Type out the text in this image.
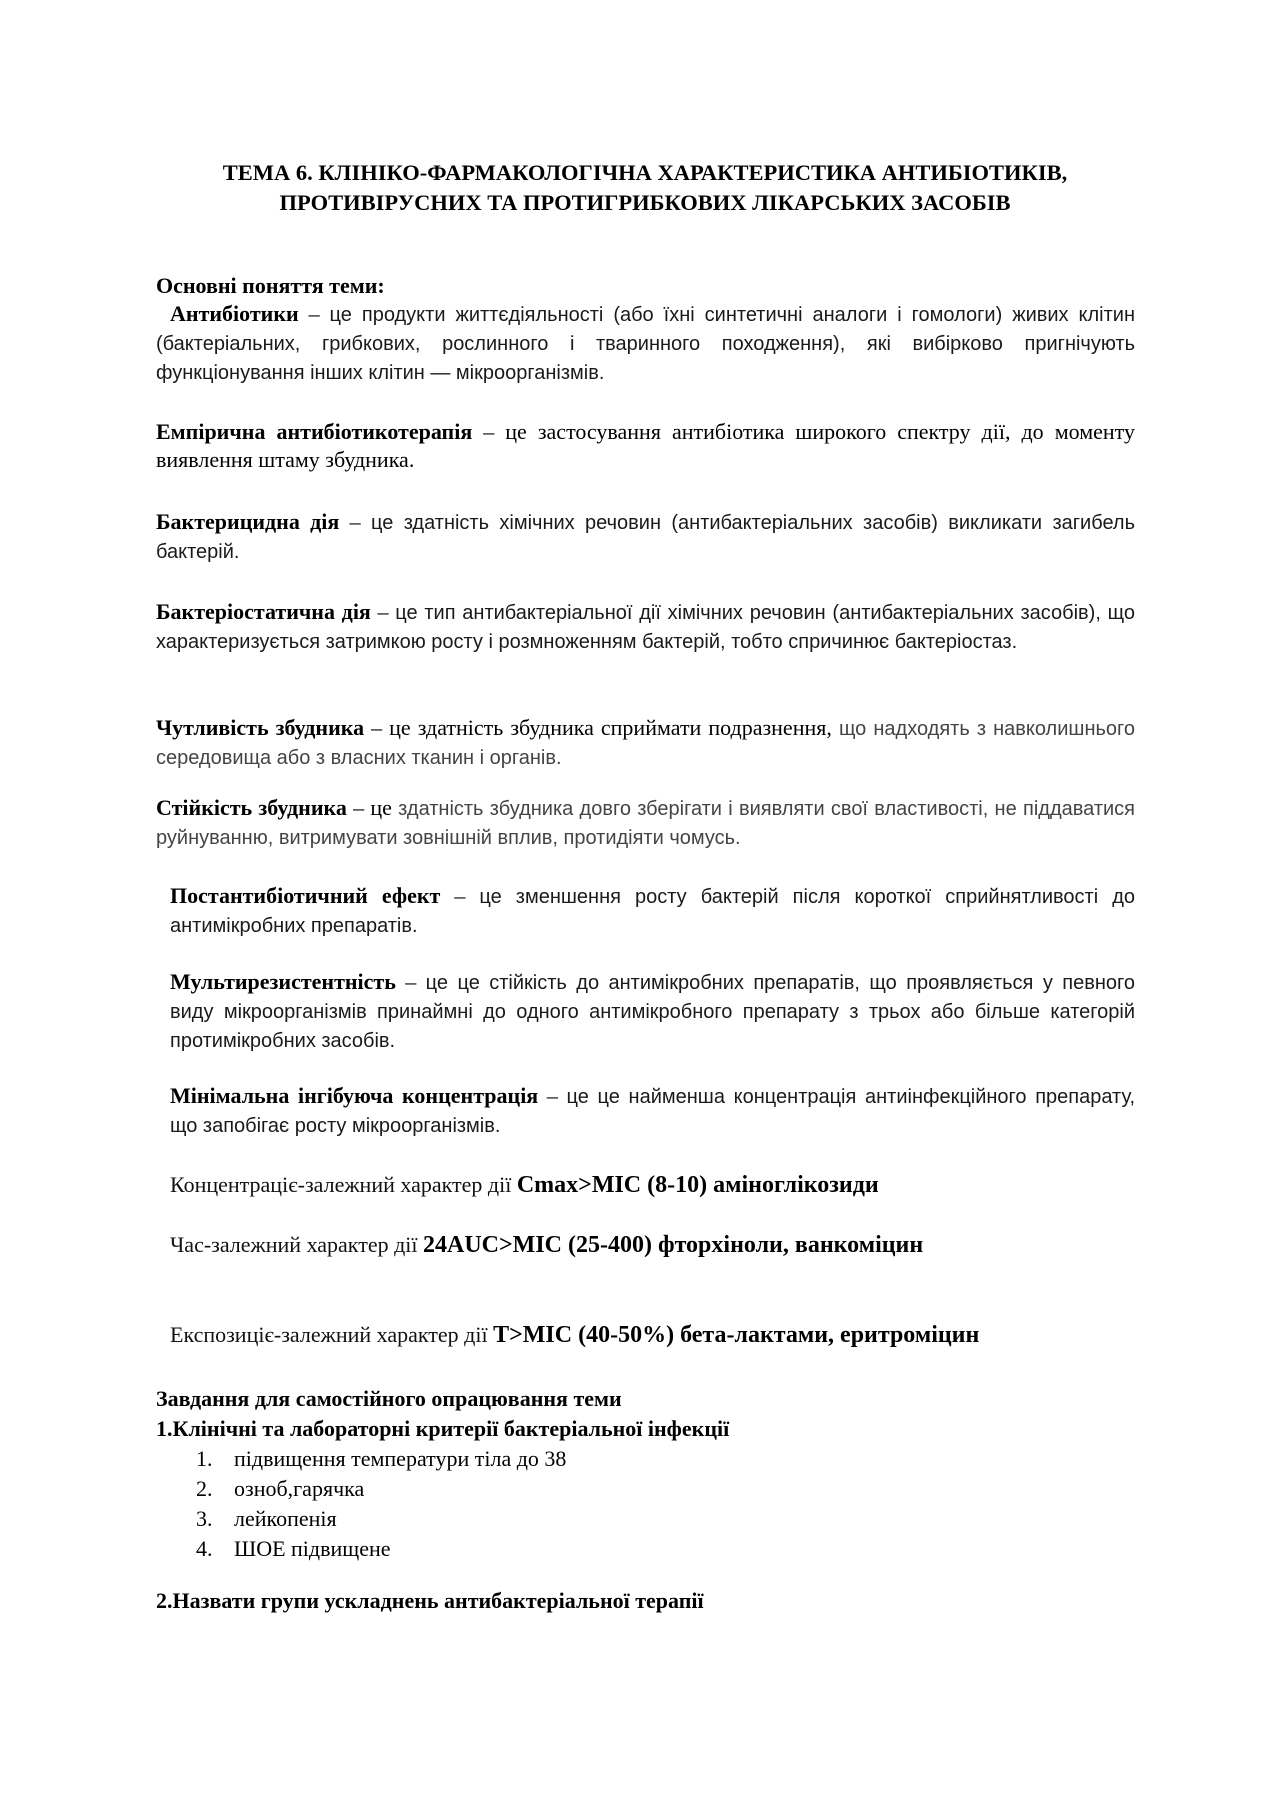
ТЕМА 6. КЛІНІКО-ФАРМАКОЛОГІЧНА ХАРАКТЕРИСТИКА АНТИБІОТИКІВ,
ПРОТИВІРУСНИХ ТА ПРОТИГРИБКОВИХ ЛІКАРСЬКИХ ЗАСОБІВ

Основні поняття теми:

Антибіотики – це продукти життєдіяльності (або їхні синтетичні аналоги і гомологи) живих клітин (бактеріальних, грибкових, рослинного і тваринного походження), які вибірково пригнічують функціонування інших клітин — мікроорганізмів.

Емпірична антибіотикотерапія – це застосування антибіотика широкого спектру дії, до моменту виявлення штаму збудника.
Бактерицидна дія – це здатність хімічних речовин (антибактеріальних засобів) викликати загибель бактерій.
Бактеріостатична дія – це тип антибактеріальної дії хімічних речовин (антибактеріальних засобів), що характеризується затримкою росту і розмноженням бактерій, тобто спричинює бактеріостаз.
Чутливість збудника – це здатність збудника сприймати подразнення, що надходять з навколишнього середовища або з власних тканин і органів.
Стійкість збудника – це здатність збудника довго зберігати і виявляти свої властивості, не піддаватися руйнуванню, витримувати зовнішній вплив, протидіяти чомусь.
Постантибіотичний ефект – це зменшення росту бактерій після короткої сприйнятливості до антимікробних препаратів.
Мультирезистентність – це це стійкість до антимікробних препаратів, що проявляється у певного виду мікроорганізмів принаймні до одного антимікробного препарату з трьох або більше категорій протимікробних засобів.
Мінімальна інгібуюча концентрація – це це найменша концентрація антиінфекційного препарату, що запобігає росту мікроорганізмів.
Концентраціє-залежний характер дії Cmax>MIC (8-10) аміноглікозиди
Час-залежний характер дії 24AUC>MIC (25-400) фторхіноли, ванкоміцин
Експозиціє-залежний характер дії T>MIC (40-50%) бета-лактами, еритроміцин
Завдання для самостійного опрацювання теми
1.Клінічні та лабораторні критерії бактеріальної інфекції
1. підвищення температури тіла до 38
2. озноб,гарячка
3. лейкопенія
4. ШОЕ підвищене
2.Назвати групи ускладнень антибактеріальної терапії
